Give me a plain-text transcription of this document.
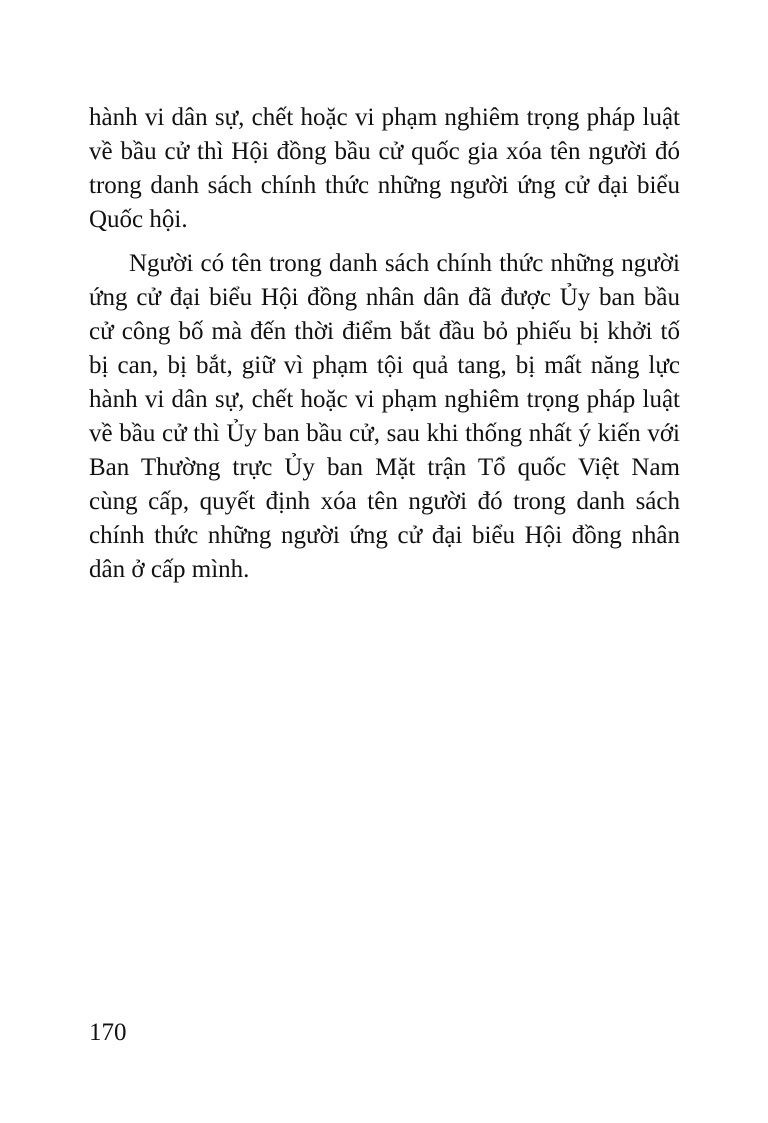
hành vi dân sự, chết hoặc vi phạm nghiêm trọng pháp luật
về bầu cử thì Hội đồng bầu cử quốc gia xóa tên người đó
trong danh sách chính thức những người ứng cử đại biểu
Quốc hội.

Người có tên trong danh sách chính thức những người
ứng cử đại biểu Hội đồng nhân dân đã được Ủy ban bầu
cử công bố mà đến thời điểm bắt đầu bỏ phiếu bị khởi tố
bị can, bị bắt, giữ vì phạm tội quả tang, bị mất năng lực
hành vi dân sự, chết hoặc vi phạm nghiêm trọng pháp luật
về bầu cử thì Ủy ban bầu cử, sau khi thống nhất ý kiến với
Ban Thường trực Ủy ban Mặt trận Tổ quốc Việt Nam
cùng cấp, quyết định xóa tên người đó trong danh sách
chính thức những người ứng cử đại biểu Hội đồng nhân
dân ở cấp mình.

170
